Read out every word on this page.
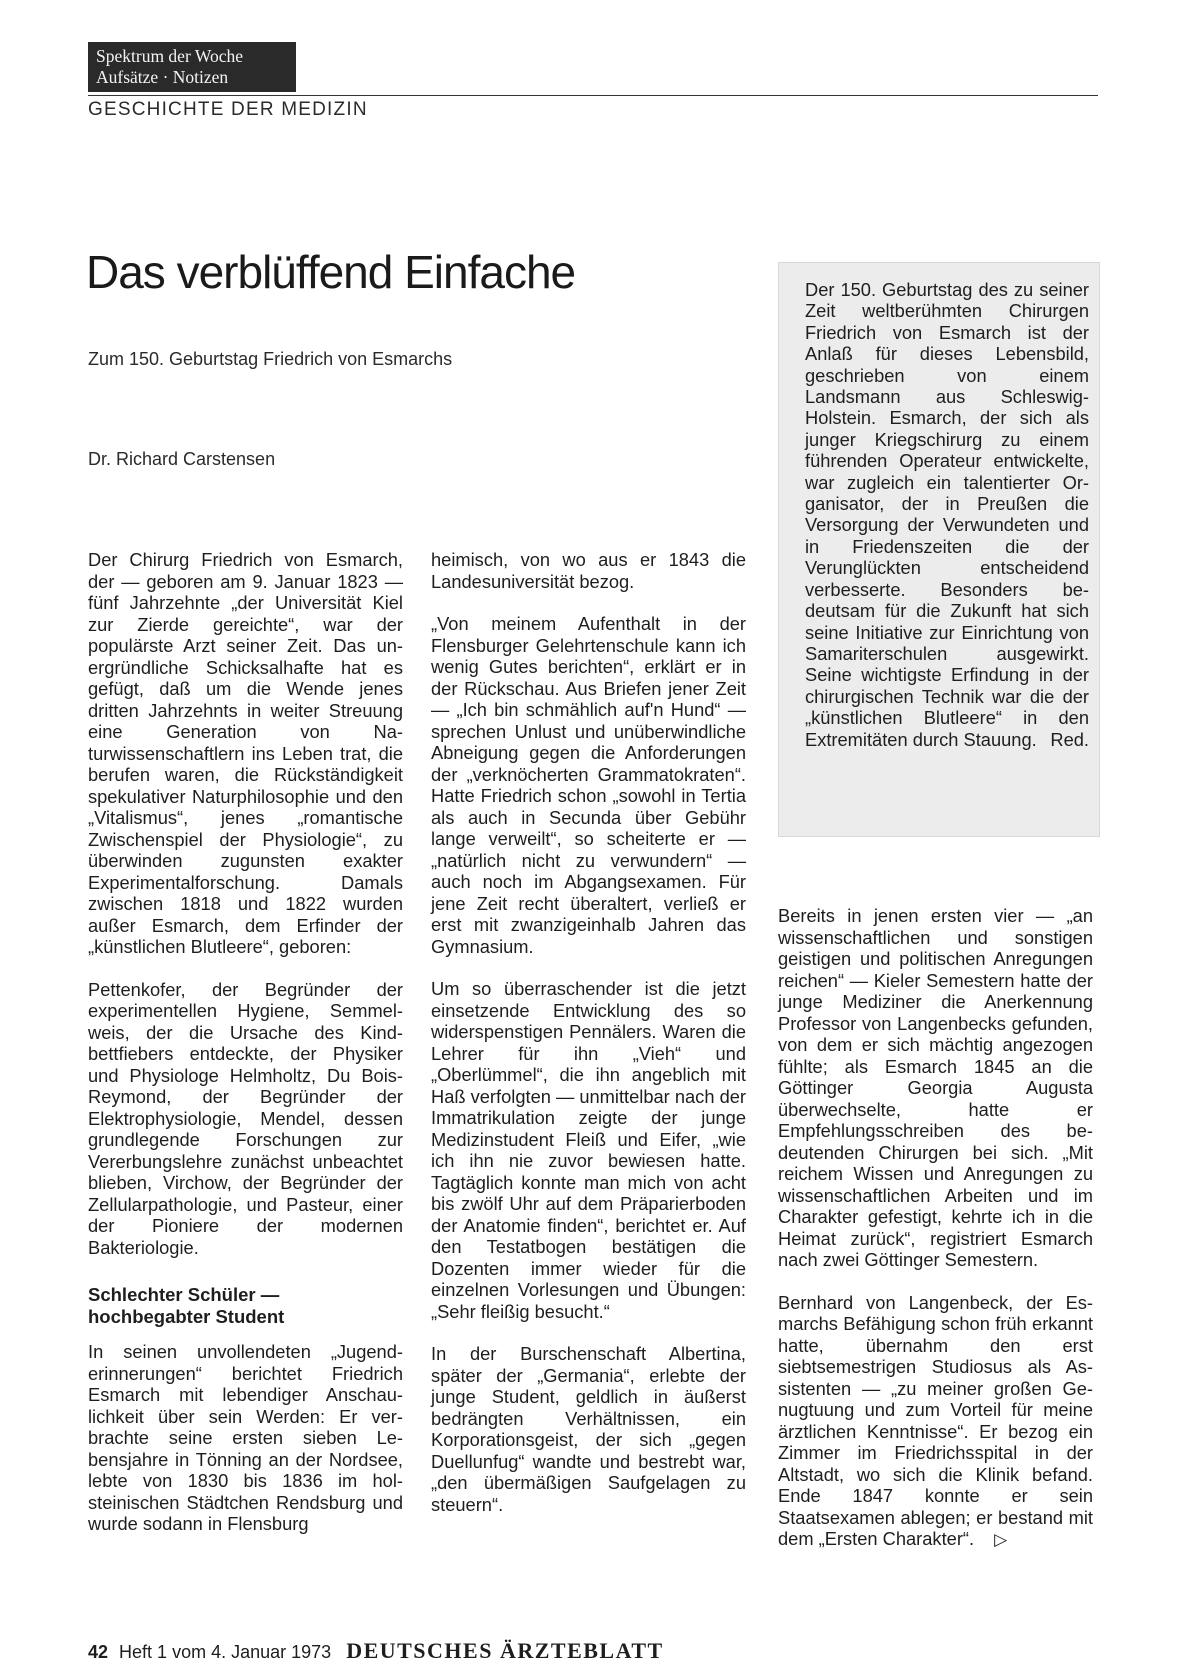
Spektrum der Woche
Aufsätze · Notizen
GESCHICHTE DER MEDIZIN
Das verblüffend Einfache
Zum 150. Geburtstag Friedrich von Esmarchs
Dr. Richard Carstensen
Der 150. Geburtstag des zu seiner Zeit weltberühmten Chirurgen Friedrich von Esmarch ist der Anlaß für dieses Lebensbild, geschrieben von einem Landsmann aus Schleswig-Holstein. Esmarch, der sich als junger Kriegschirurg zu einem führenden Operateur entwickelte, war zugleich ein talentierter Organisator, der in Preußen die Versorgung der Verwundeten und in Friedenszeiten die der Verunglückten entscheidend verbesserte. Besonders bedeutsam für die Zukunft hat sich seine Initiative zur Einrichtung von Samariterschulen ausgewirkt. Seine wichtigste Erfindung in der chirurgischen Technik war die der „künstlichen Blutleere“ in den Extremitäten durch Stauung. Red.

Der Chirurg Friedrich von Esmarch, der — geboren am 9. Januar 1823 — fünf Jahrzehnte „der Universität Kiel zur Zierde gereichte“, war der populärste Arzt seiner Zeit. Das unergründliche Schicksalhafte hat es gefügt, daß um die Wende jenes dritten Jahrzehnts in weiter Streuung eine Generation von Naturwissenschaftlern ins Leben trat, die berufen waren, die Rückständigkeit spekulativer Naturphilosophie und den „Vitalismus“, jenes „romantische Zwischenspiel der Physiologie“, zu überwinden zugunsten exakter Experimentalforschung. Damals zwischen 1818 und 1822 wurden außer Esmarch, dem Erfinder der „künstlichen Blutleere“, geboren:

Pettenkofer, der Begründer der experimentellen Hygiene, Semmelweis, der die Ursache des Kindbettfiebers entdeckte, der Physiker und Physiologe Helmholtz, Du Bois-Reymond, der Begründer der Elektrophysiologie, Mendel, dessen grundlegende Forschungen zur Vererbungslehre zunächst unbeachtet blieben, Virchow, der Begründer der Zellularpathologie, und Pasteur, einer der Pioniere der modernen Bakteriologie.

Schlechter Schüler —
hochbegabter Student

In seinen unvollendeten „Jugenderinnerungen“ berichtet Friedrich Esmarch mit lebendiger Anschaulichkeit über sein Werden: Er verbrachte seine ersten sieben Lebensjahre in Tönning an der Nordsee, lebte von 1830 bis 1836 im holsteinischen Städtchen Rendsburg und wurde sodann in Flensburg

heimisch, von wo aus er 1843 die Landesuniversität bezog.

„Von meinem Aufenthalt in der Flensburger Gelehrtenschule kann ich wenig Gutes berichten“, erklärt er in der Rückschau. Aus Briefen jener Zeit — „Ich bin schmählich auf'n Hund“ — sprechen Unlust und unüberwindliche Abneigung gegen die Anforderungen der „verknöcherten Grammatokraten“. Hatte Friedrich schon „sowohl in Tertia als auch in Secunda über Gebühr lange verweilt“, so scheiterte er — „natürlich nicht zu verwundern“ — auch noch im Abgangsexamen. Für jene Zeit recht überaltert, verließ er erst mit zwanzigeinhalb Jahren das Gymnasium.

Um so überraschender ist die jetzt einsetzende Entwicklung des so widerspenstigen Pennälers. Waren die Lehrer für ihn „Vieh“ und „Oberlümmel“, die ihn angeblich mit Haß verfolgten — unmittelbar nach der Immatrikulation zeigte der junge Medizinstudent Fleiß und Eifer, „wie ich ihn nie zuvor bewiesen hatte. Tagtäglich konnte man mich von acht bis zwölf Uhr auf dem Präparierboden der Anatomie finden“, berichtet er. Auf den Testatbogen bestätigen die Dozenten immer wieder für die einzelnen Vorlesungen und Übungen: „Sehr fleißig besucht.“

In der Burschenschaft Albertina, später der „Germania“, erlebte der junge Student, geldlich in äußerst bedrängten Verhältnissen, ein Korporationsgeist, der sich „gegen Duellunfug“ wandte und bestrebt war, „den übermäßigen Saufgelagen zu steuern“.

Bereits in jenen ersten vier — „an wissenschaftlichen und sonstigen geistigen und politischen Anregungen reichen“ — Kieler Semestern hatte der junge Mediziner die Anerkennung Professor von Langenbecks gefunden, von dem er sich mächtig angezogen fühlte; als Esmarch 1845 an die Göttinger Georgia Augusta überwechselte, hatte er Empfehlungsschreiben des bedeutenden Chirurgen bei sich. „Mit reichem Wissen und Anregungen zu wissenschaftlichen Arbeiten und im Charakter gefestigt, kehrte ich in die Heimat zurück“, registriert Esmarch nach zwei Göttinger Semestern.

Bernhard von Langenbeck, der Esmarchs Befähigung schon früh erkannt hatte, übernahm den erst siebtsemestrigen Studiosus als Assistenten — „zu meiner großen Genugtuung und zum Vorteil für meine ärztlichen Kenntnisse“. Er bezog ein Zimmer im Friedrichsspital in der Altstadt, wo sich die Klinik befand. Ende 1847 konnte er sein Staatsexamen ablegen; er bestand mit dem „Ersten Charakter“. ▷

42 Heft 1 vom 4. Januar 1973 DEUTSCHES ÄRZTEBLATT
